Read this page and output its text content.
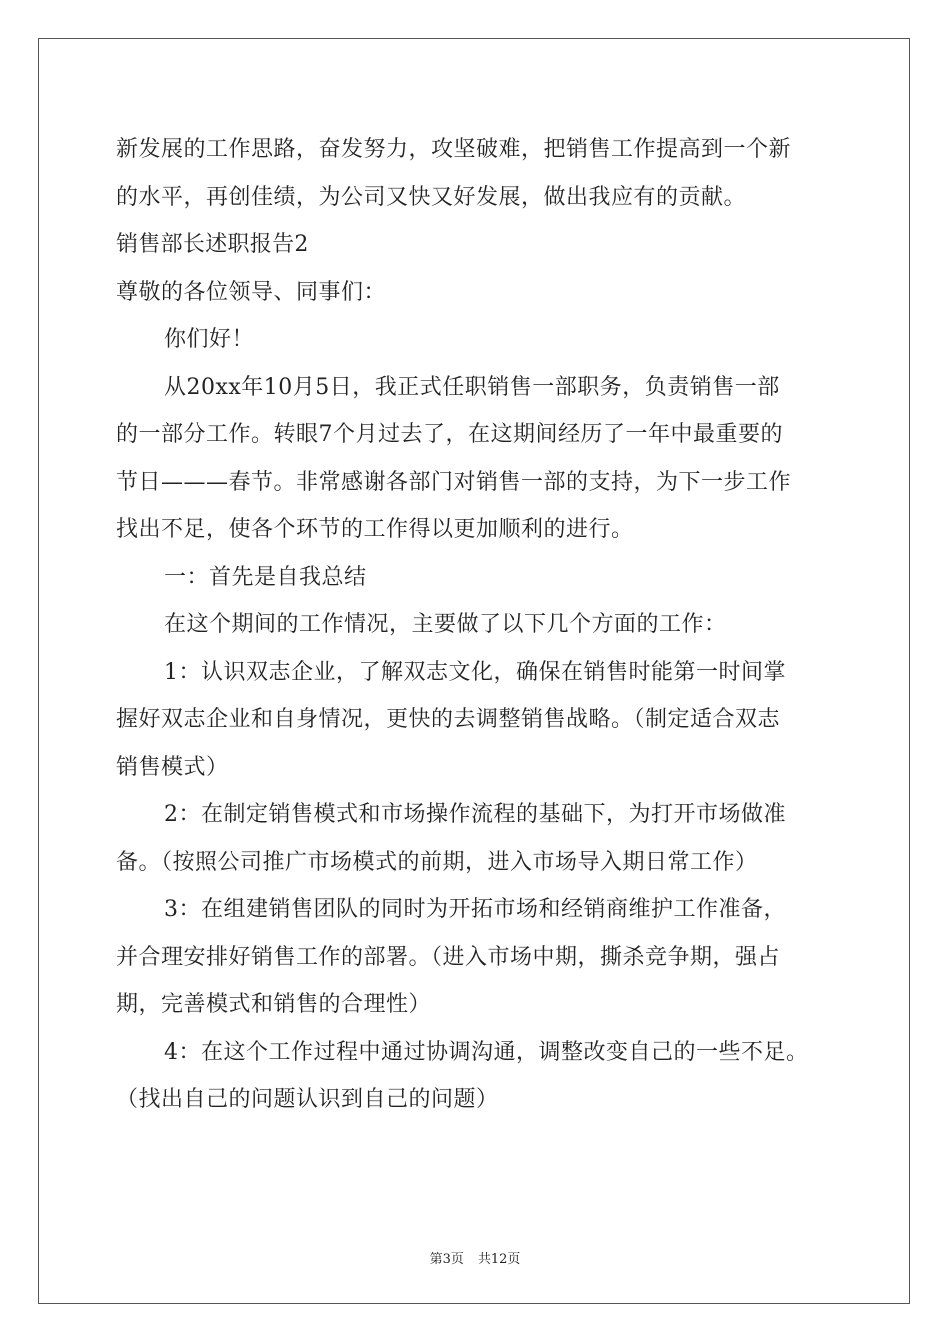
新发展的工作思路，奋发努力，攻坚破难，把销售工作提高到一个新
的水平，再创佳绩，为公司又快又好发展，做出我应有的贡献。
销售部长述职报告2
尊敬的各位领导、同事们：
你们好！
从20xx年10月5日，我正式任职销售一部职务，负责销售一部
的一部分工作。转眼7个月过去了，在这期间经历了一年中最重要的
节日———春节。非常感谢各部门对销售一部的支持，为下一步工作
找出不足，使各个环节的工作得以更加顺利的进行。
一：首先是自我总结
在这个期间的工作情况，主要做了以下几个方面的工作：
1：认识双志企业，了解双志文化，确保在销售时能第一时间掌
握好双志企业和自身情况，更快的去调整销售战略。（制定适合双志
销售模式）
2：在制定销售模式和市场操作流程的基础下，为打开市场做准
备。（按照公司推广市场模式的前期，进入市场导入期日常工作）
3：在组建销售团队的同时为开拓市场和经销商维护工作准备，
并合理安排好销售工作的部署。（进入市场中期，撕杀竞争期，强占
期，完善模式和销售的合理性）
4：在这个工作过程中通过协调沟通，调整改变自己的一些不足。
（找出自己的问题认识到自己的问题）
第3页 共12页
